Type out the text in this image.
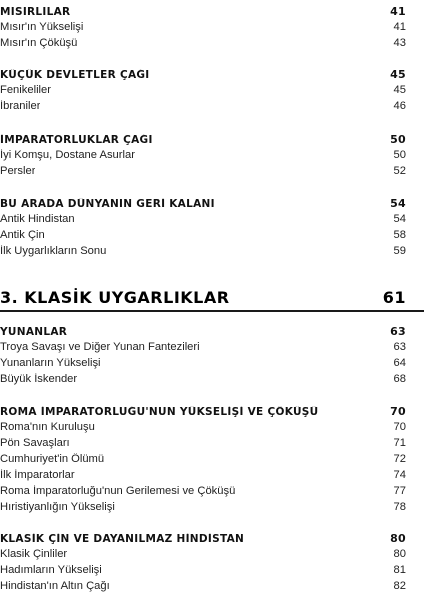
MISIRLILAR	41
Mısır'ın Yükselişi	41
Mısır'ın Çöküşü	43
KÜÇÜK DEVLETLER ÇAĞI	45
Fenikeliler	45
İbraniler	46
İMPARATORLUKLAR ÇAĞI	50
İyi Komşu, Dostane Asurlar	50
Persler	52
BU ARADA DÜNYANIN GERİ KALANI	54
Antik Hindistan	54
Antik Çin	58
İlk Uygarlıkların Sonu	59
3. KLASİK UYGARLIKLAR	61
YUNANLAR	63
Troya Savaşı ve Diğer Yunan Fantezileri	63
Yunanların Yükselişi	64
Büyük İskender	68
ROMA İMPARATORLUĞU'NUN YÜKSELİŞİ VE ÇÖKÜŞÜ	70
Roma'nın Kuruluşu	70
Pön Savaşları	71
Cumhuriyet'in Ölümü	72
İlk İmparatorlar	74
Roma İmparatorluğu'nun Gerilemesi ve Çöküşü	77
Hıristiyanlığın Yükselişi	78
KLASİK ÇİN VE DAYANILMAZ HİNDİSTAN	80
Klasik Çinliler	80
Hadımların Yükselişi	81
Hindistan'ın Altın Çağı	82
